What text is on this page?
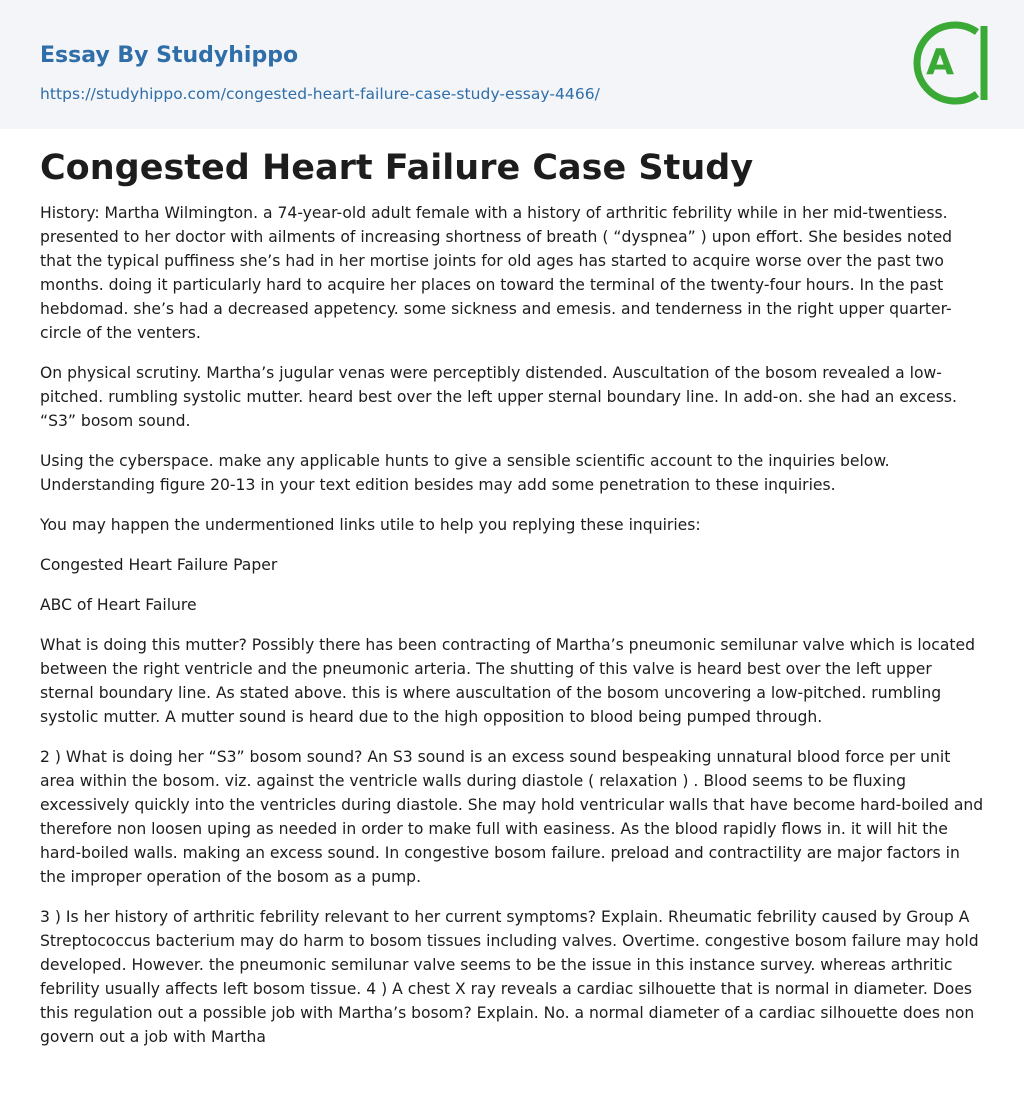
Essay By Studyhippo
https://studyhippo.com/congested-heart-failure-case-study-essay-4466/
A
Congested Heart Failure Case Study

History: Martha Wilmington. a 74-year-old adult female with a history of arthritic febrility while in her mid-twentiess. presented to her doctor with ailments of increasing shortness of breath ( “dyspnea” ) upon effort. She besides noted that the typical puffiness she’s had in her mortise joints for old ages has started to acquire worse over the past two months. doing it particularly hard to acquire her places on toward the terminal of the twenty-four hours. In the past hebdomad. she’s had a decreased appetency. some sickness and emesis. and tenderness in the right upper quarter-circle of the venters.

On physical scrutiny. Martha’s jugular venas were perceptibly distended. Auscultation of the bosom revealed a low-pitched. rumbling systolic mutter. heard best over the left upper sternal boundary line. In add-on. she had an excess. “S3” bosom sound.

Using the cyberspace. make any applicable hunts to give a sensible scientific account to the inquiries below. Understanding figure 20-13 in your text edition besides may add some penetration to these inquiries.

You may happen the undermentioned links utile to help you replying these inquiries:

Congested Heart Failure Paper

ABC of Heart Failure

What is doing this mutter? Possibly there has been contracting of Martha’s pneumonic semilunar valve which is located between the right ventricle and the pneumonic arteria. The shutting of this valve is heard best over the left upper sternal boundary line. As stated above. this is where auscultation of the bosom uncovering a low-pitched. rumbling systolic mutter. A mutter sound is heard due to the high opposition to blood being pumped through.

2 ) What is doing her “S3” bosom sound? An S3 sound is an excess sound bespeaking unnatural blood force per unit area within the bosom. viz. against the ventricle walls during diastole ( relaxation ) . Blood seems to be fluxing excessively quickly into the ventricles during diastole. She may hold ventricular walls that have become hard-boiled and therefore non loosen uping as needed in order to make full with easiness. As the blood rapidly flows in. it will hit the hard-boiled walls. making an excess sound. In congestive bosom failure. preload and contractility are major factors in the improper operation of the bosom as a pump.

3 ) Is her history of arthritic febrility relevant to her current symptoms? Explain. Rheumatic febrility caused by Group A Streptococcus bacterium may do harm to bosom tissues including valves. Overtime. congestive bosom failure may hold developed. However. the pneumonic semilunar valve seems to be the issue in this instance survey. whereas arthritic febrility usually affects left bosom tissue. 4 ) A chest X ray reveals a cardiac silhouette that is normal in diameter. Does this regulation out a possible job with Martha’s bosom? Explain. No. a normal diameter of a cardiac silhouette does non govern out a job with Martha
